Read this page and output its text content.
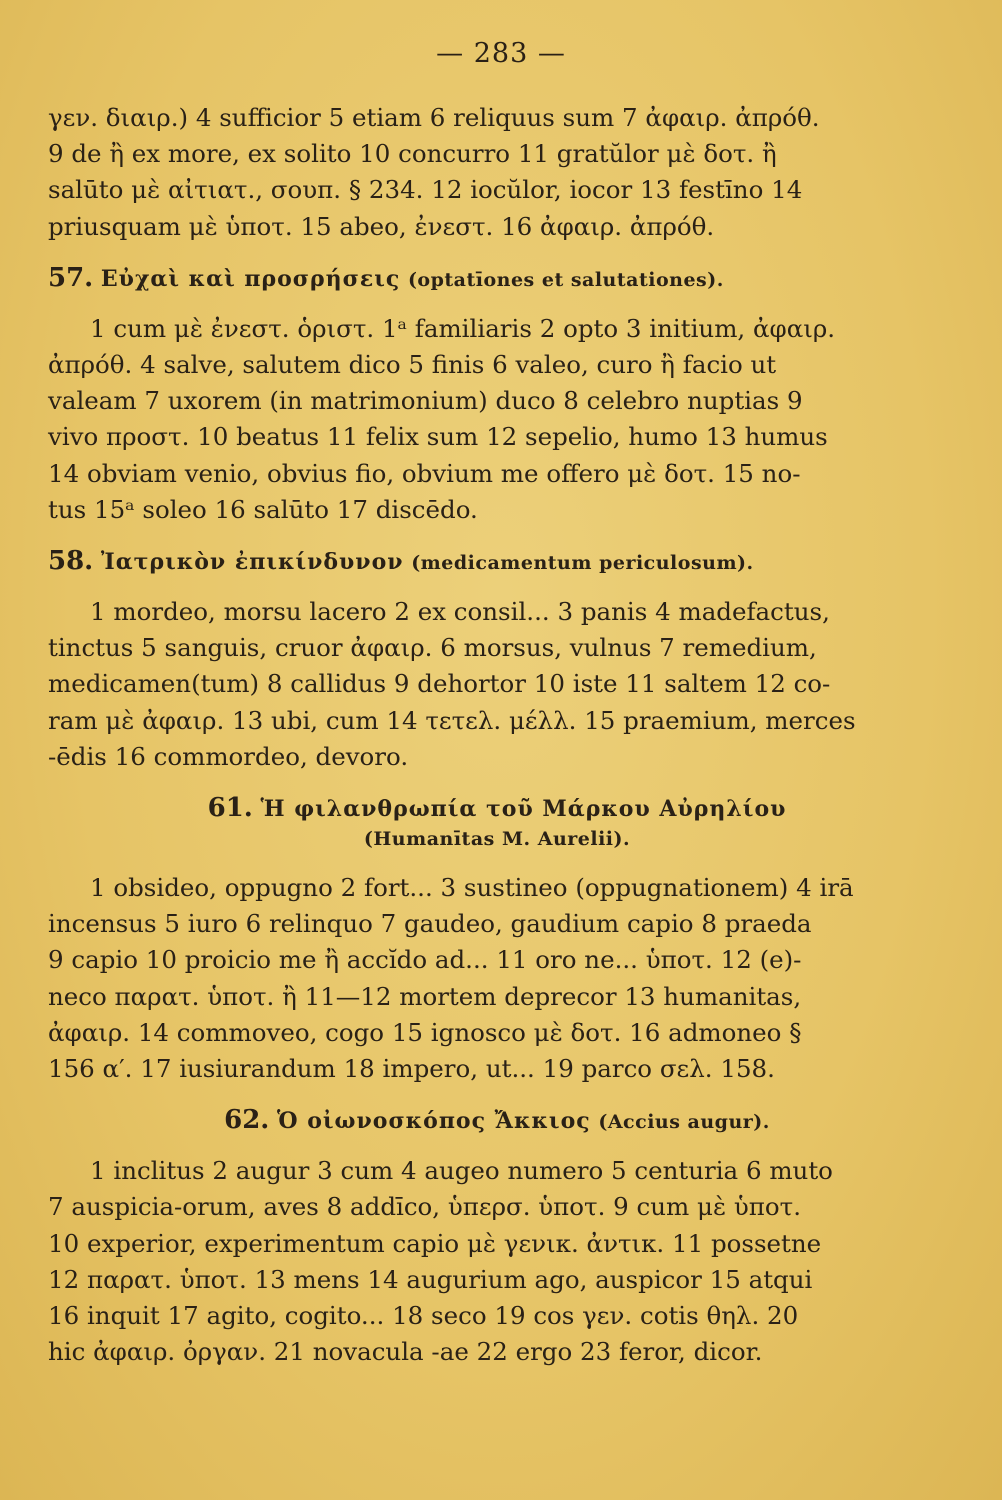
— 283 —

γεν. διαιρ.) 4 sufficior 5 etiam 6 reliquus sum 7 ἀφαιρ. ἀπρόθ.
9 de ἢ ex more, ex solito 10 concurro 11 gratŭlor μὲ δοτ. ἢ
salūto μὲ αἰτιατ., σουπ. § 234. 12 iocŭlor, iocor 13 festīno 14
priusquam μὲ ὑποτ. 15 abeo, ἐνεστ. 16 ἀφαιρ. ἀπρόθ.

57. Εὐχαὶ καὶ προσρήσεις (optatīones et salutationes).

1 cum μὲ ἐνεστ. ὁριστ. 1ᵃ familiaris 2 opto 3 initium, ἀφαιρ.
ἀπρόθ. 4 salve, salutem dico 5 finis 6 valeo, curo ἢ facio ut
valeam 7 uxorem (in matrimonium) duco 8 celebro nuptias 9
vivo προστ. 10 beatus 11 felix sum 12 sepelio, humo 13 humus
14 obviam venio, obvius fio, obvium me offero μὲ δοτ. 15 no-
tus 15ᵃ soleo 16 salūto 17 discēdo.

58. Ἰατρικὸν ἐπικίνδυνον (medicamentum periculosum).

1 mordeo, morsu lacero 2 ex consil... 3 panis 4 madefactus,
tinctus 5 sanguis, cruor ἀφαιρ. 6 morsus, vulnus 7 remedium,
medicamen(tum) 8 callidus 9 dehortor 10 iste 11 saltem 12 co-
ram μὲ ἀφαιρ. 13 ubi, cum 14 τετελ. μέλλ. 15 praemium, merces
-ēdis 16 commordeo, devoro.

61. Ἡ φιλανθρωπία τοῦ Μάρκου Αὐρηλίου
(Humanītas M. Aurelii).

1 obsideo, oppugno 2 fort... 3 sustineo (oppugnationem) 4 irā
incensus 5 iuro 6 relinquo 7 gaudeo, gaudium capio 8 praeda
9 capio 10 proicio me ἢ accĭdo ad... 11 oro ne... ὑποτ. 12 (e)-
neco παρατ. ὑποτ. ἢ 11—12 mortem deprecor 13 humanitas,
ἀφαιρ. 14 commoveo, cogo 15 ignosco μὲ δοτ. 16 admoneo §
156 α′. 17 iusiurandum 18 impero, ut... 19 parco σελ. 158.

62. Ὁ οἰωνοσκόπος Ἄκκιος (Accius augur).

1 inclitus 2 augur 3 cum 4 augeo numero 5 centuria 6 muto
7 auspicia-orum, aves 8 addīco, ὑπερσ. ὑποτ. 9 cum μὲ ὑποτ.
10 experior, experimentum capio μὲ γενικ. ἀντικ. 11 possetne
12 παρατ. ὑποτ. 13 mens 14 augurium ago, auspicor 15 atqui
16 inquit 17 agito, cogito... 18 seco 19 cos γεν. cotis θηλ. 20
hic ἀφαιρ. ὀργαν. 21 novacula -ae 22 ergo 23 feror, dicor.
